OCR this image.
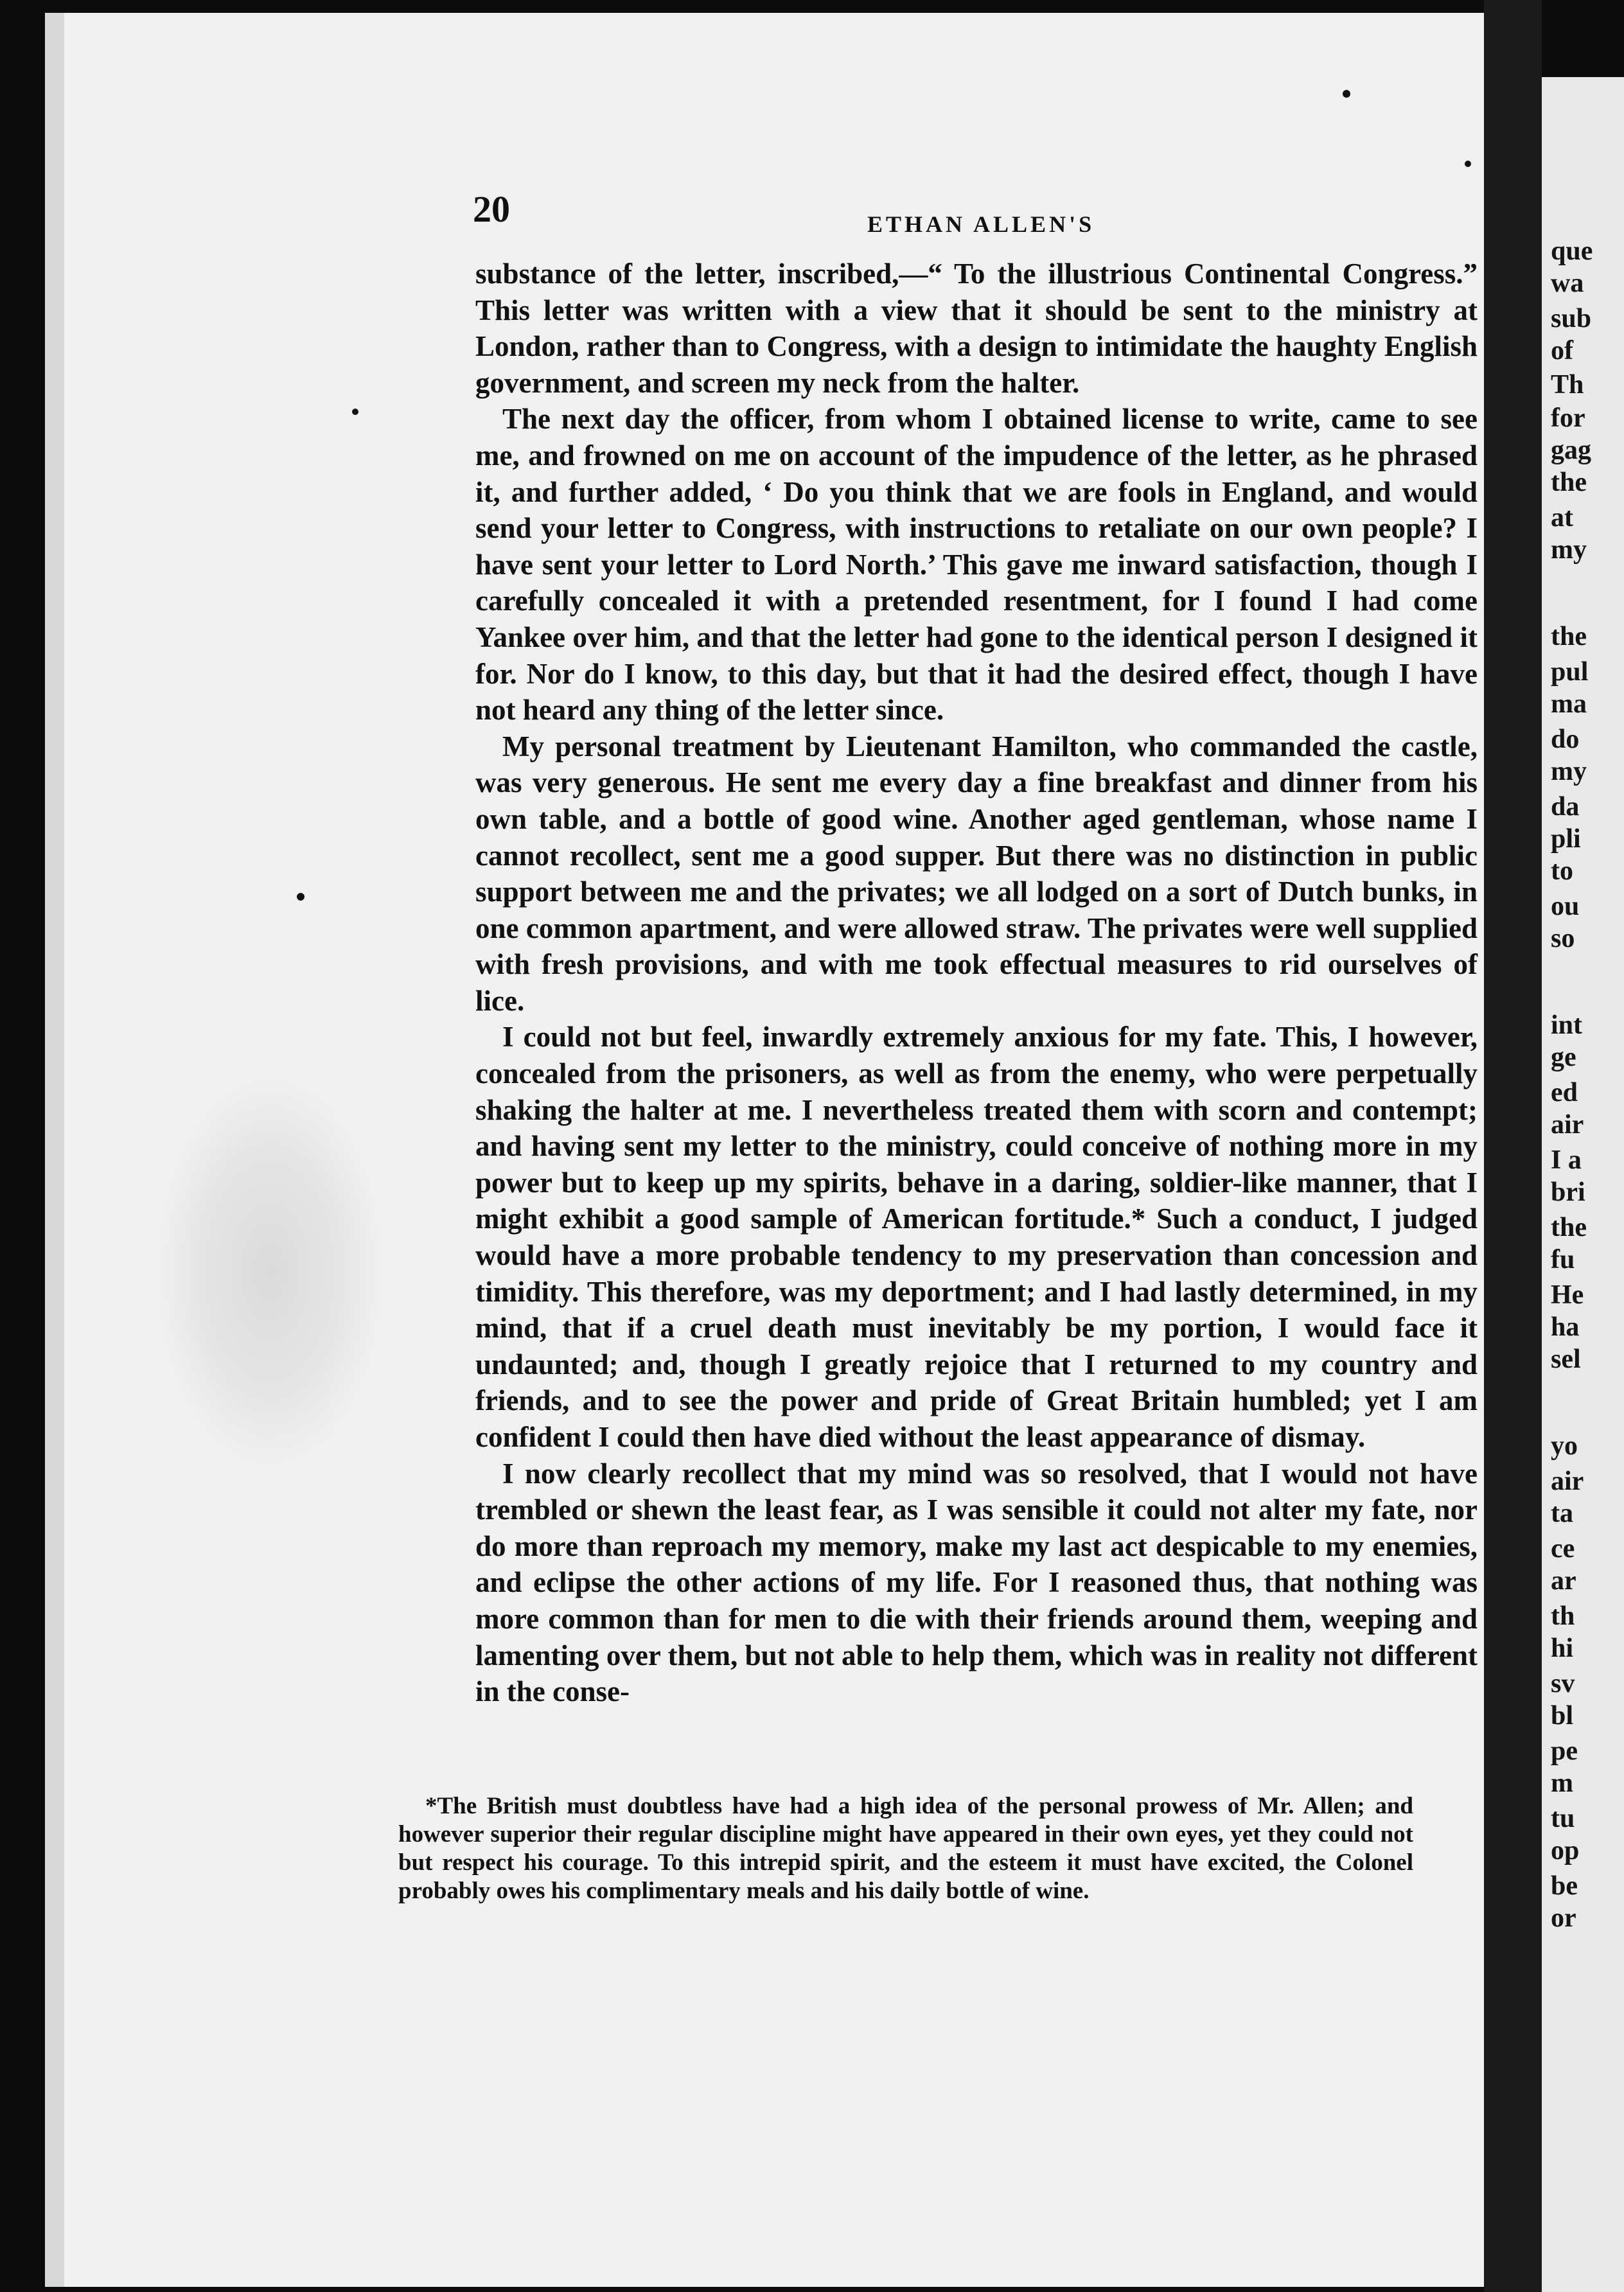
que
wa
sub
of
Th
for
gag
the
at
my
the
pul
ma
do
my
da
pli
to
ou
so
int
ge
ed
air
I a
bri
the
fu
He
ha
sel
yo
air
ta
ce
ar
th
hi
sv
bl
pe
m
tu
op
be
or
20	ETHAN ALLEN'S

substance of the letter, inscribed,—“ To the illustrious Continental Congress.” This letter was written with a view that it should be sent to the ministry at London, rather than to Congress, with a design to intimidate the haughty English government, and screen my neck from the halter.

The next day the officer, from whom I obtained license to write, came to see me, and frowned on me on account of the impudence of the letter, as he phrased it, and further added, ‘ Do you think that we are fools in England, and would send your letter to Congress, with instructions to retaliate on our own people? I have sent your letter to Lord North.’ This gave me inward satisfaction, though I carefully concealed it with a pretended resentment, for I found I had come Yankee over him, and that the letter had gone to the identical person I designed it for. Nor do I know, to this day, but that it had the desired effect, though I have not heard any thing of the letter since.

My personal treatment by Lieutenant Hamilton, who commanded the castle, was very generous. He sent me every day a fine breakfast and dinner from his own table, and a bottle of good wine. Another aged gentleman, whose name I cannot recollect, sent me a good supper. But there was no distinction in public support between me and the privates; we all lodged on a sort of Dutch bunks, in one common apartment, and were allowed straw. The privates were well supplied with fresh provisions, and with me took effectual measures to rid ourselves of lice.

I could not but feel, inwardly extremely anxious for my fate. This, I however, concealed from the prisoners, as well as from the enemy, who were perpetually shaking the halter at me. I nevertheless treated them with scorn and contempt; and having sent my letter to the ministry, could conceive of nothing more in my power but to keep up my spirits, behave in a daring, soldier-like manner, that I might exhibit a good sample of American fortitude.* Such a conduct, I judged would have a more probable tendency to my preservation than concession and timidity. This therefore, was my deportment; and I had lastly determined, in my mind, that if a cruel death must inevitably be my portion, I would face it undaunted; and, though I greatly rejoice that I returned to my country and friends, and to see the power and pride of Great Britain humbled; yet I am confident I could then have died without the least appearance of dismay.

I now clearly recollect that my mind was so resolved, that I would not have trembled or shewn the least fear, as I was sensible it could not alter my fate, nor do more than reproach my memory, make my last act despicable to my enemies, and eclipse the other actions of my life. For I reasoned thus, that nothing was more common than for men to die with their friends around them, weeping and lamenting over them, but not able to help them, which was in reality not different in the conse-

*The British must doubtless have had a high idea of the personal prowess of Mr. Allen; and however superior their regular discipline might have appeared in their own eyes, yet they could not but respect his courage. To this intrepid spirit, and the esteem it must have excited, the Colonel probably owes his complimentary meals and his daily bottle of wine.
